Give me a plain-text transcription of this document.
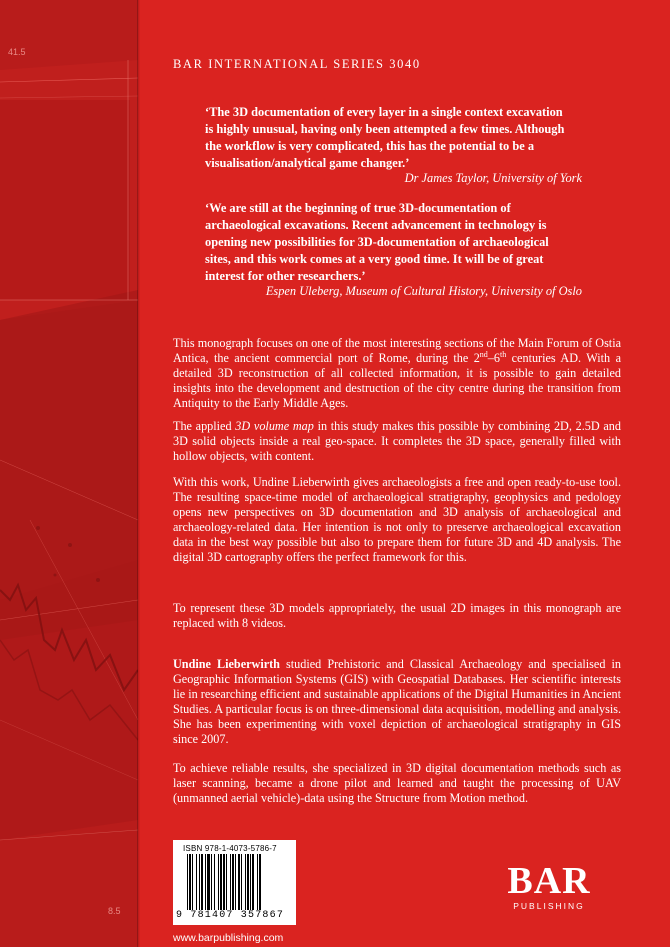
41.5
8.5
BAR INTERNATIONAL SERIES 3040
‘The 3D documentation of every layer in a single context excavation
is highly unusual, having only been attempted a few times. Although
the workflow is very complicated, this has the potential to be a
visualisation/analytical game changer.’
Dr James Taylor, University of York
‘We are still at the beginning of true 3D-documentation of
archaeological excavations. Recent advancement in technology is
opening new possibilities for 3D-documentation of archaeological
sites, and this work comes at a very good time. It will be of great
interest for other researchers.’
Espen Uleberg, Museum of Cultural History, University of Oslo

This monograph focuses on one of the most interesting sections of the Main Forum of Ostia Antica, the ancient commercial port of Rome, during the 2nd–6th centuries AD. With a detailed 3D reconstruction of all collected information, it is possible to gain detailed insights into the development and destruction of the city centre during the transition from Antiquity to the Early Middle Ages.

The applied 3D volume map in this study makes this possible by combining 2D, 2.5D and 3D solid objects inside a real geo-space. It completes the 3D space, generally filled with hollow objects, with content.

With this work, Undine Lieberwirth gives archaeologists a free and open ready-to-use tool. The resulting space-time model of archaeological stratigraphy, geophysics and pedology opens new perspectives on 3D documentation and 3D analysis of archaeological and archaeology-related data. Her intention is not only to preserve archaeological excavation data in the best way possible but also to prepare them for future 3D and 4D analysis. The digital 3D cartography offers the perfect framework for this.

To represent these 3D models appropriately, the usual 2D images in this monograph are replaced with 8 videos.

Undine Lieberwirth studied Prehistoric and Classical Archaeology and specialised in Geographic Information Systems (GIS) with Geospatial Databases. Her scientific interests lie in researching efficient and sustainable applications of the Digital Humanities in Ancient Studies. A particular focus is on three-dimensional data acquisition, modelling and analysis. She has been experimenting with voxel depiction of archaeological stratigraphy in GIS since 2007.

To achieve reliable results, she specialized in 3D digital documentation methods such as laser scanning, became a drone pilot and learned and taught the processing of UAV (unmanned aerial vehicle)-data using the Structure from Motion method.

ISBN 978-1-4073-5786-7
9 781407 357867
www.barpublishing.com
BAR
PUBLISHING
